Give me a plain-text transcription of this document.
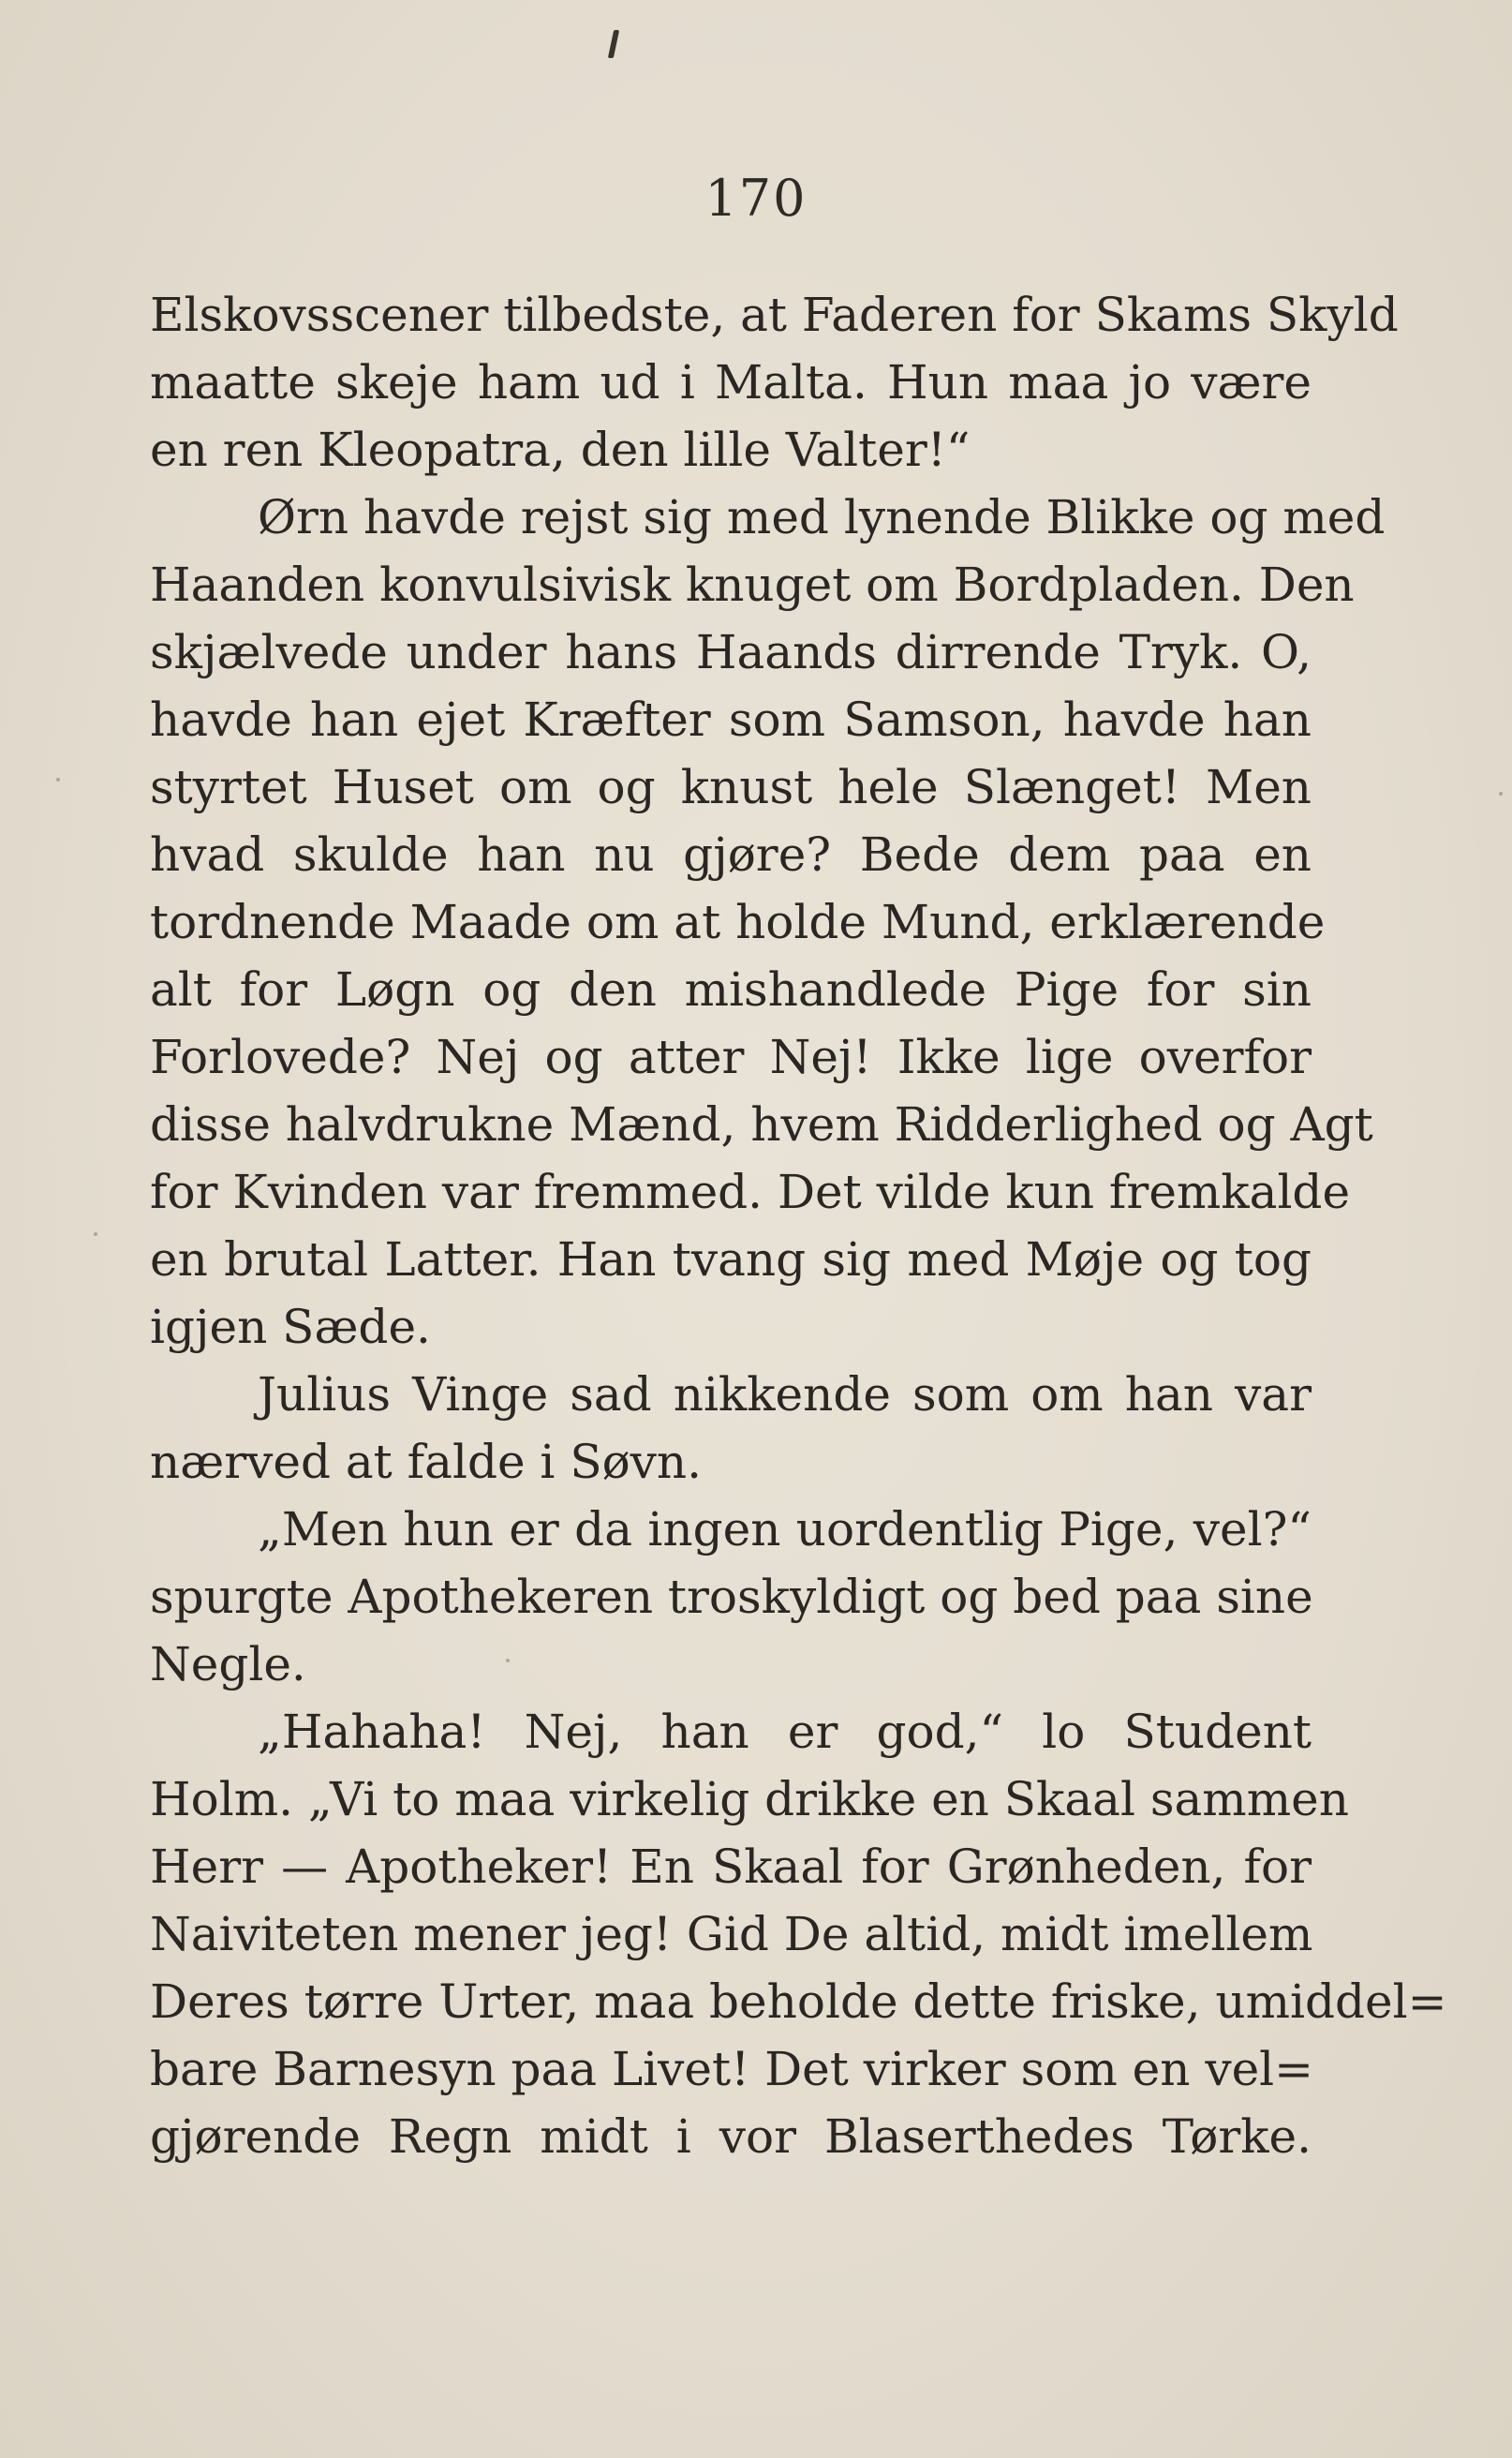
170
Elskovsscener tilbedste, at Faderen for Skams Skyld
maatte skeje ham ud i Malta. Hun maa jo være
en ren Kleopatra, den lille Valter!“
Ørn havde rejst sig med lynende Blikke og med
Haanden konvulsivisk knuget om Bordpladen. Den
skjælvede under hans Haands dirrende Tryk. O,
havde han ejet Kræfter som Samson, havde han
styrtet Huset om og knust hele Slænget! Men
hvad skulde han nu gjøre? Bede dem paa en
tordnende Maade om at holde Mund, erklærende
alt for Løgn og den mishandlede Pige for sin
Forlovede? Nej og atter Nej! Ikke lige overfor
disse halvdrukne Mænd, hvem Ridderlighed og Agt
for Kvinden var fremmed. Det vilde kun fremkalde
en brutal Latter. Han tvang sig med Møje og tog
igjen Sæde.
Julius Vinge sad nikkende som om han var
nærved at falde i Søvn.
„Men hun er da ingen uordentlig Pige, vel?“
spurgte Apothekeren troskyldigt og bed paa sine
Negle.
„Hahaha! Nej, han er god,“ lo Student
Holm. „Vi to maa virkelig drikke en Skaal sammen
Herr — Apotheker! En Skaal for Grønheden, for
Naiviteten mener jeg! Gid De altid, midt imellem
Deres tørre Urter, maa beholde dette friske, umiddel=
bare Barnesyn paa Livet! Det virker som en vel=
gjørende Regn midt i vor Blaserthedes Tørke.
